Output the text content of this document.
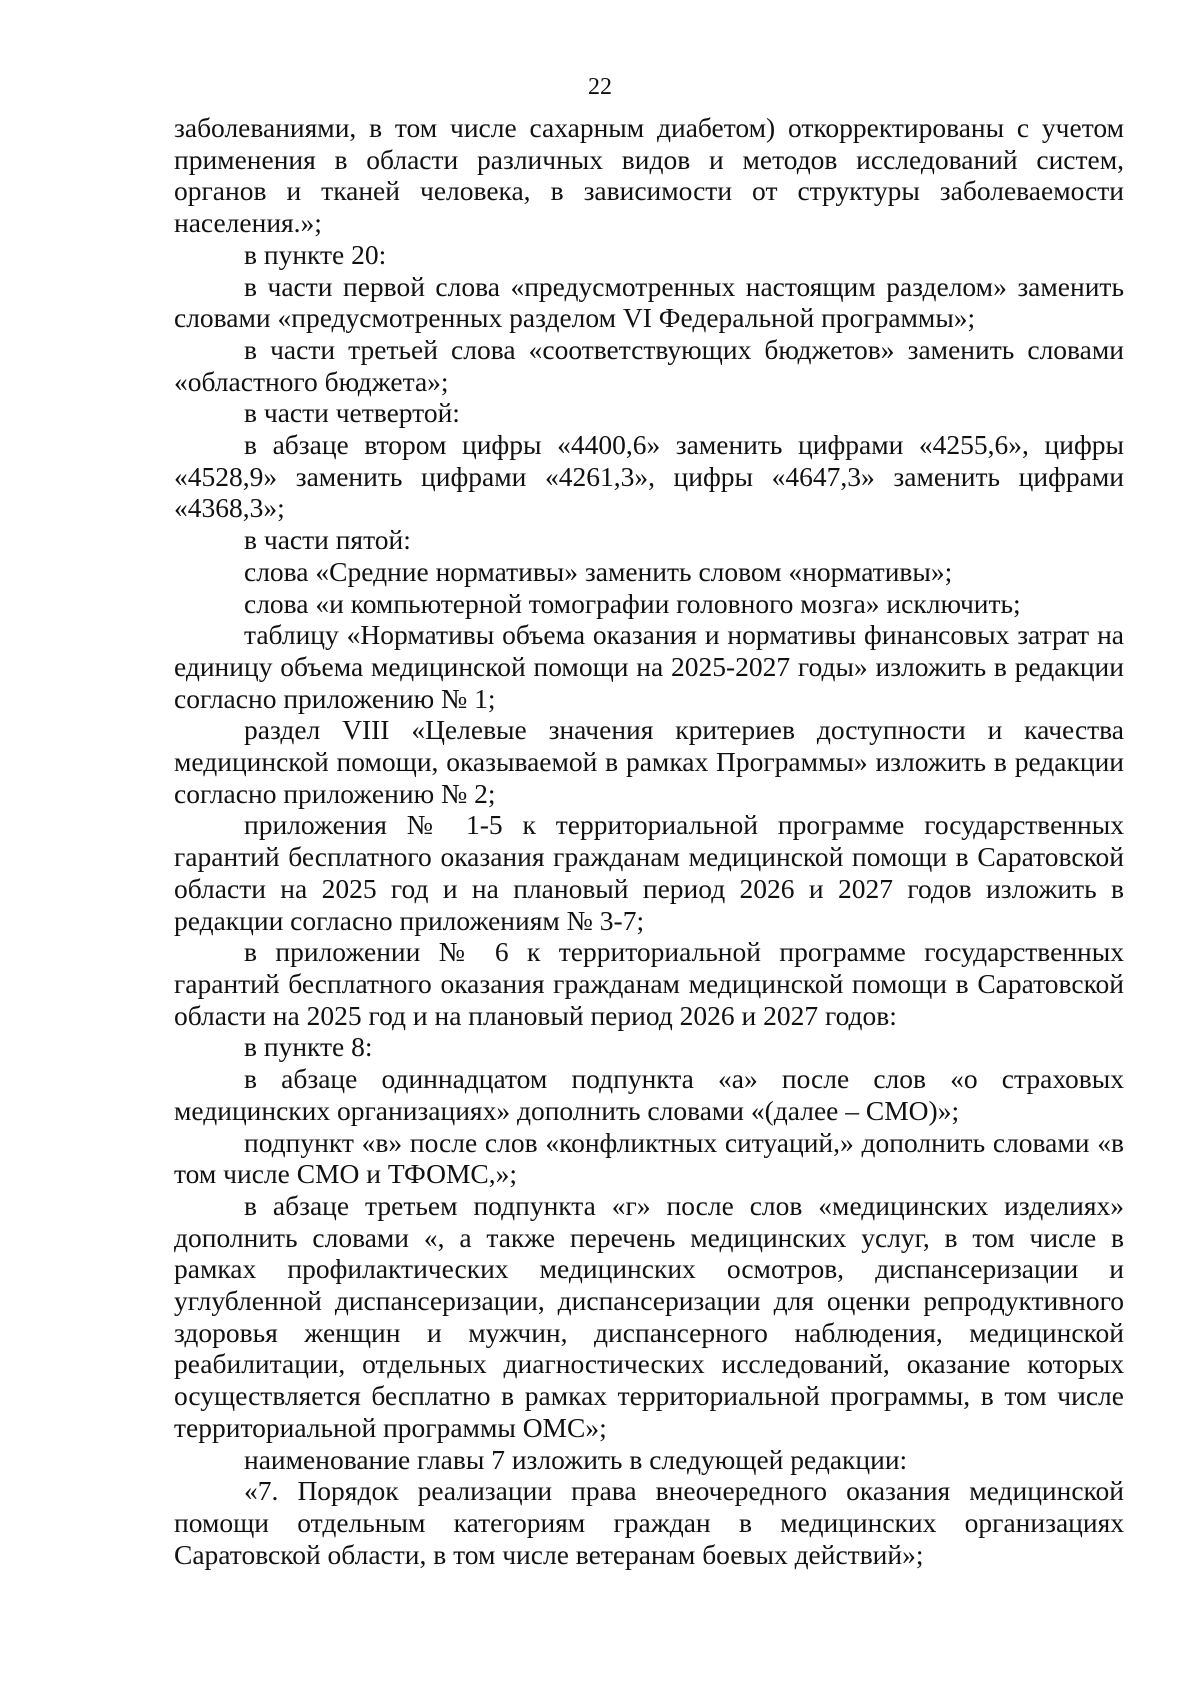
22

заболеваниями, в том числе сахарным диабетом) откорректированы с учетом применения в области различных видов и методов исследований систем, органов и тканей человека, в зависимости от структуры заболеваемости населения.»;

в пункте 20:

в части первой слова «предусмотренных настоящим разделом» заменить словами «предусмотренных разделом VI Федеральной программы»;

в части третьей слова «соответствующих бюджетов» заменить словами «областного бюджета»;

в части четвертой:

в абзаце втором цифры «4400,6» заменить цифрами «4255,6», цифры «4528,9» заменить цифрами «4261,3», цифры «4647,3» заменить цифрами «4368,3»;

в части пятой:

слова «Средние нормативы» заменить словом «нормативы»;

слова «и компьютерной томографии головного мозга» исключить;

таблицу «Нормативы объема оказания и нормативы финансовых затрат на единицу объема медицинской помощи на 2025-2027 годы» изложить в редакции согласно приложению № 1;

раздел VIII «Целевые значения критериев доступности и качества медицинской помощи, оказываемой в рамках Программы» изложить в редакции согласно приложению № 2;

приложения № 1-5 к территориальной программе государственных гарантий бесплатного оказания гражданам медицинской помощи в Саратовской области на 2025 год и на плановый период 2026 и 2027 годов изложить в редакции согласно приложениям № 3-7;

в приложении № 6 к территориальной программе государственных гарантий бесплатного оказания гражданам медицинской помощи в Саратовской области на 2025 год и на плановый период 2026 и 2027 годов:

в пункте 8:

в абзаце одиннадцатом подпункта «а» после слов «о страховых медицинских организациях» дополнить словами «(далее – СМО)»;

подпункт «в» после слов «конфликтных ситуаций,» дополнить словами «в том числе СМО и ТФОМС,»;

в абзаце третьем подпункта «г» после слов «медицинских изделиях» дополнить словами «, а также перечень медицинских услуг, в том числе в рамках профилактических медицинских осмотров, диспансеризации и углубленной диспансеризации, диспансеризации для оценки репродуктивного здоровья женщин и мужчин, диспансерного наблюдения, медицинской реабилитации, отдельных диагностических исследований, оказание которых осуществляется бесплатно в рамках территориальной программы, в том числе территориальной программы ОМС»;

наименование главы 7 изложить в следующей редакции:

«7. Порядок реализации права внеочередного оказания медицинской помощи отдельным категориям граждан в медицинских организациях Саратовской области, в том числе ветеранам боевых действий»;
